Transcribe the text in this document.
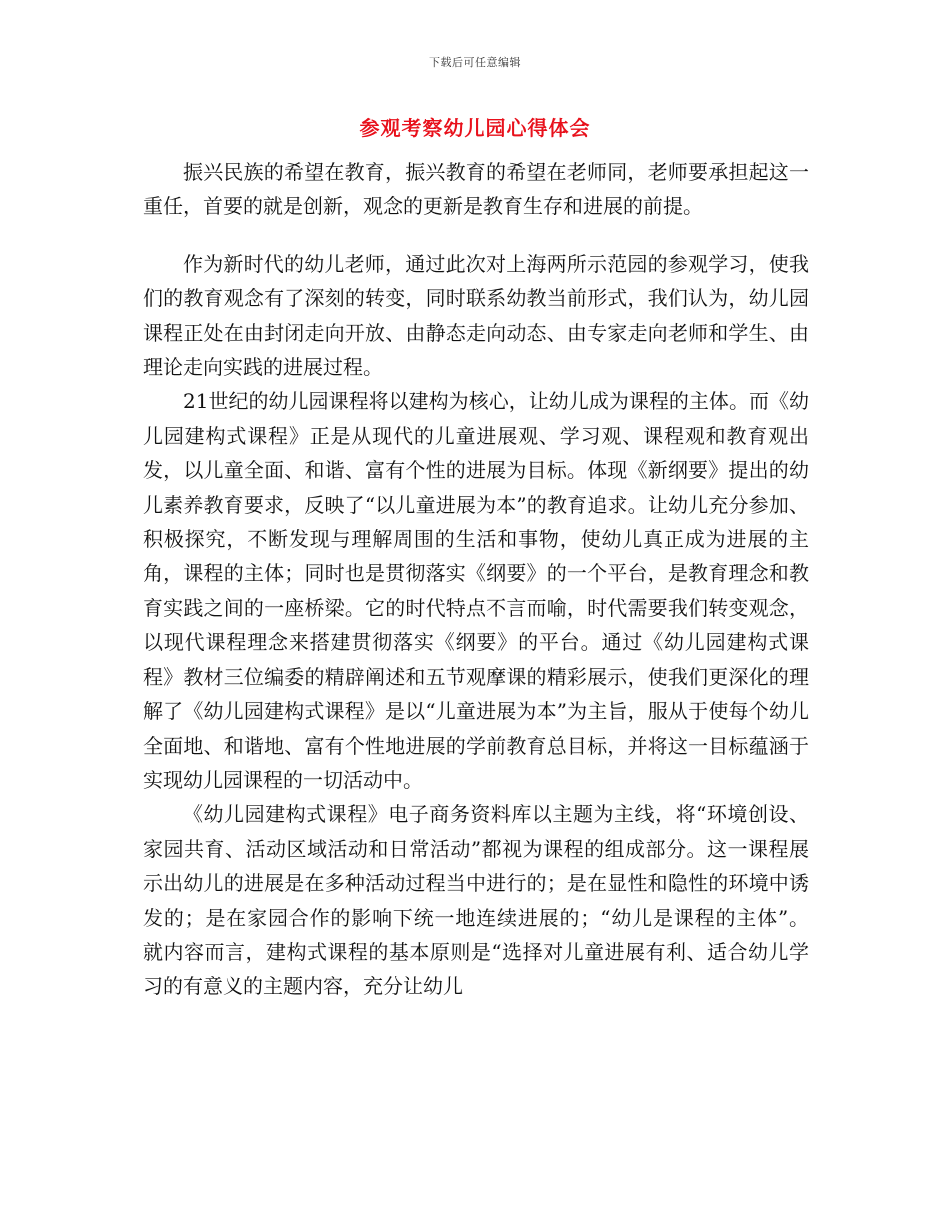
下载后可任意编辑
参观考察幼儿园心得体会

振兴民族的希望在教育，振兴教育的希望在老师同，老师要承担起这一重任，首要的就是创新，观念的更新是教育生存和进展的前提。

作为新时代的幼儿老师，通过此次对上海两所示范园的参观学习，使我们的教育观念有了深刻的转变，同时联系幼教当前形式，我们认为，幼儿园课程正处在由封闭走向开放、由静态走向动态、由专家走向老师和学生、由理论走向实践的进展过程。

21世纪的幼儿园课程将以建构为核心，让幼儿成为课程的主体。而《幼儿园建构式课程》正是从现代的儿童进展观、学习观、课程观和教育观出发，以儿童全面、和谐、富有个性的进展为目标。体现《新纲要》提出的幼儿素养教育要求，反映了“以儿童进展为本”的教育追求。让幼儿充分参加、积极探究，不断发现与理解周围的生活和事物，使幼儿真正成为进展的主角，课程的主体；同时也是贯彻落实《纲要》的一个平台，是教育理念和教育实践之间的一座桥梁。它的时代特点不言而喻，时代需要我们转变观念，以现代课程理念来搭建贯彻落实《纲要》的平台。通过《幼儿园建构式课程》教材三位编委的精辟阐述和五节观摩课的精彩展示，使我们更深化的理解了《幼儿园建构式课程》是以“儿童进展为本”为主旨，服从于使每个幼儿全面地、和谐地、富有个性地进展的学前教育总目标，并将这一目标蕴涵于实现幼儿园课程的一切活动中。

《幼儿园建构式课程》电子商务资料库以主题为主线，将“环境创设、家园共育、活动区域活动和日常活动”都视为课程的组成部分。这一课程展示出幼儿的进展是在多种活动过程当中进行的；是在显性和隐性的环境中诱发的；是在家园合作的影响下统一地连续进展的；“幼儿是课程的主体”。 就内容而言，建构式课程的基本原则是“选择对儿童进展有利、适合幼儿学习的有意义的主题内容，充分让幼儿
